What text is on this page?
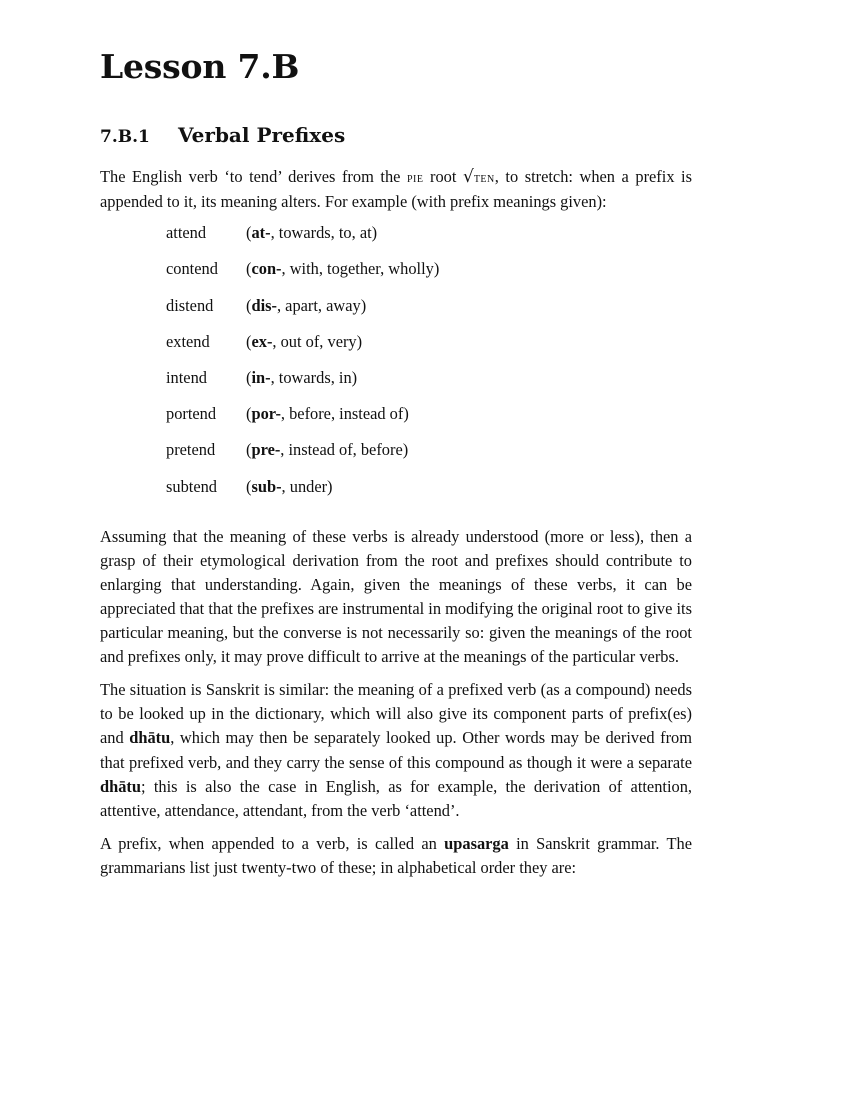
Lesson 7.B
7.B.1	Verbal Prefixes

The English verb ‘to tend’ derives from the pie root √ten, to stretch: when a prefix is appended to it, its meaning alters. For example (with prefix meanings given):

attend	(at-, towards, to, at)
contend	(con-, with, together, wholly)
distend	(dis-, apart, away)
extend	(ex-, out of, very)
intend	(in-, towards, in)
portend	(por-, before, instead of)
pretend	(pre-, instead of, before)
subtend	(sub-, under)

Assuming that the meaning of these verbs is already understood (more or less), then a grasp of their etymological derivation from the root and prefixes should contribute to enlarging that understanding. Again, given the meanings of these verbs, it can be appreciated that that the prefixes are instrumental in modifying the original root to give its particular meaning, but the converse is not necessarily so: given the meanings of the root and prefixes only, it may prove difficult to arrive at the meanings of the particular verbs.

The situation is Sanskrit is similar: the meaning of a prefixed verb (as a compound) needs to be looked up in the dictionary, which will also give its component parts of prefix(es) and dhātu, which may then be separately looked up. Other words may be derived from that prefixed verb, and they carry the sense of this compound as though it were a separate dhātu; this is also the case in English, as for example, the derivation of attention, attentive, attendance, attendant, from the verb ‘attend’.

A prefix, when appended to a verb, is called an upasarga in Sanskrit grammar. The grammarians list just twenty-two of these; in alphabetical order they are:
